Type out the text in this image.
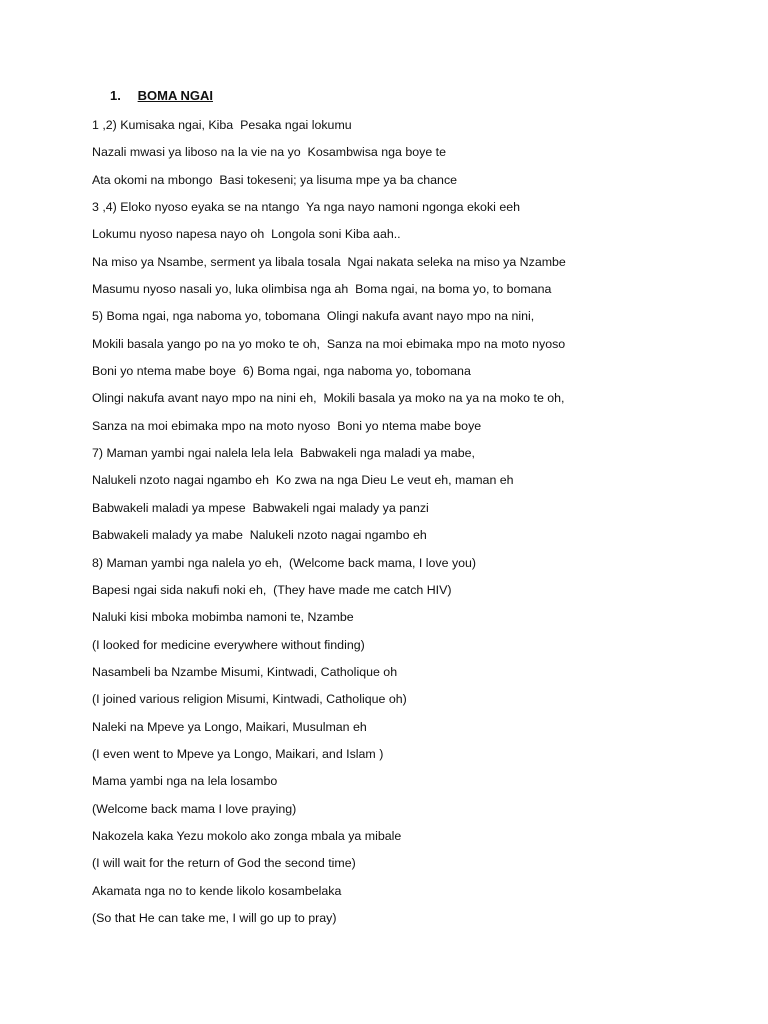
1. BOMA NGAI
1 ,2) Kumisaka ngai, Kiba  Pesaka ngai lokumu
Nazali mwasi ya liboso na la vie na yo  Kosambwisa nga boye te
Ata okomi na mbongo  Basi tokeseni; ya lisuma mpe ya ba chance
3 ,4) Eloko nyoso eyaka se na ntango  Ya nga nayo namoni ngonga ekoki eeh
Lokumu nyoso napesa nayo oh  Longola soni Kiba aah..
Na miso ya Nsambe, serment ya libala tosala  Ngai nakata seleka na miso ya Nzambe
Masumu nyoso nasali yo, luka olimbisa nga ah  Boma ngai, na boma yo, to bomana
5) Boma ngai, nga naboma yo, tobomana  Olingi nakufa avant nayo mpo na nini,
Mokili basala yango po na yo moko te oh,  Sanza na moi ebimaka mpo na moto nyoso
Boni yo ntema mabe boye  6) Boma ngai, nga naboma yo, tobomana
Olingi nakufa avant nayo mpo na nini eh,  Mokili basala ya moko na ya na moko te oh,
Sanza na moi ebimaka mpo na moto nyoso  Boni yo ntema mabe boye
7) Maman yambi ngai nalela lela lela  Babwakeli nga maladi ya mabe,
Nalukeli nzoto nagai ngambo eh  Ko zwa na nga Dieu Le veut eh, maman eh
Babwakeli maladi ya mpese  Babwakeli ngai malady ya panzi
Babwakeli malady ya mabe  Nalukeli nzoto nagai ngambo eh
8) Maman yambi nga nalela yo eh,  (Welcome back mama, I love you)
Bapesi ngai sida nakufi noki eh,  (They have made me catch HIV)
Naluki kisi mboka mobimba namoni te, Nzambe
(I looked for medicine everywhere without finding)
Nasambeli ba Nzambe Misumi, Kintwadi, Catholique oh
(I joined various religion Misumi, Kintwadi, Catholique oh)
Naleki na Mpeve ya Longo, Maikari, Musulman eh
(I even went to Mpeve ya Longo, Maikari, and Islam )
Mama yambi nga na lela losambo
(Welcome back mama I love praying)
Nakozela kaka Yezu mokolo ako zonga mbala ya mibale
(I will wait for the return of God the second time)
Akamata nga no to kende likolo kosambelaka
(So that He can take me, I will go up to pray)
